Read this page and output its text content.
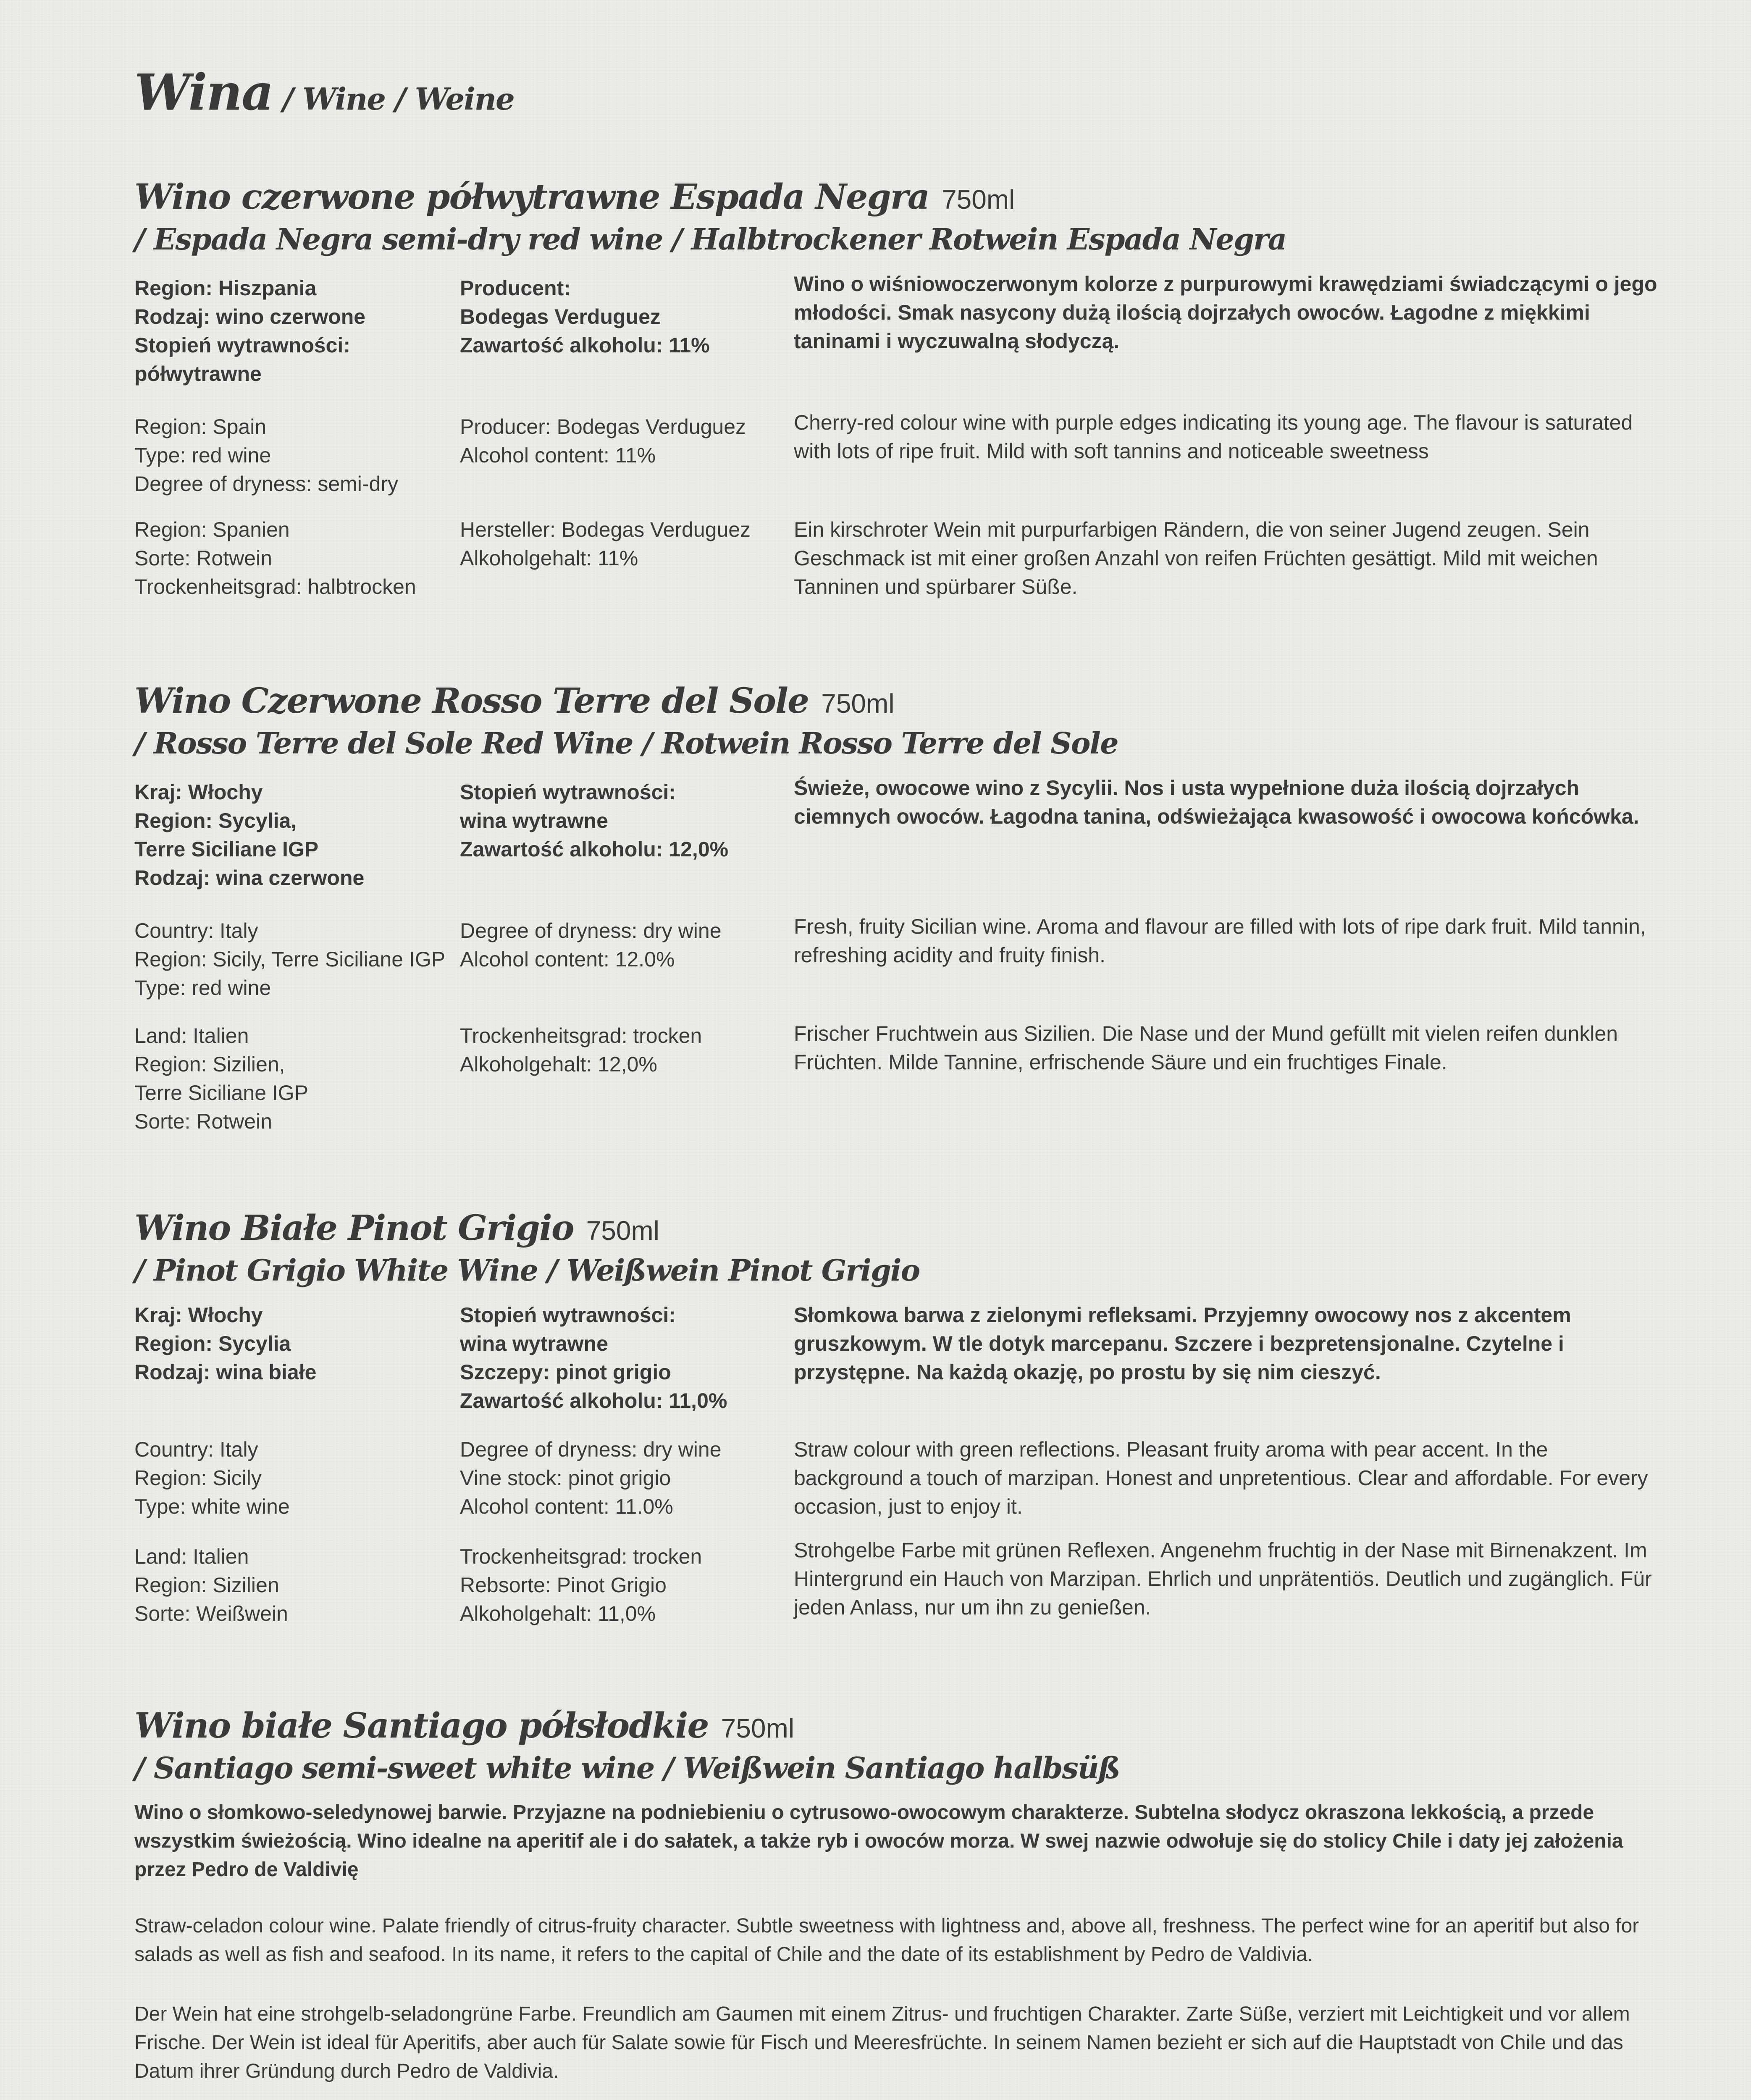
Wina / Wine / Weine
Wino czerwone półwytrawne Espada Negra 750ml
/ Espada Negra semi-dry red wine / Halbtrockener Rotwein Espada Negra
Region: Hiszpania
Rodzaj: wino czerwone
Stopień wytrawności:
półwytrawne
Producent:
Bodegas Verduguez
Zawartość alkoholu: 11%
Wino o wiśniowoczerwonym kolorze z purpurowymi krawędziami świadczącymi o jego młodości. Smak nasycony dużą ilością dojrzałych owoców. Łagodne z miękkimi taninami i wyczuwalną słodyczą.
Region: Spain
Type: red wine
Degree of dryness: semi-dry
Producer: Bodegas Verduguez
Alcohol content: 11%
Cherry-red colour wine with purple edges indicating its young age. The flavour is saturated with lots of ripe fruit. Mild with soft tannins and noticeable sweetness
Region: Spanien
Sorte: Rotwein
Trockenheitsgrad: halbtrocken
Hersteller: Bodegas Verduguez
Alkoholgehalt: 11%
Ein kirschroter Wein mit purpurfarbigen Rändern, die von seiner Jugend zeugen. Sein Geschmack ist mit einer großen Anzahl von reifen Früchten gesättigt. Mild mit weichen Tanninen und spürbarer Süße.
Wino Czerwone Rosso Terre del Sole 750ml
/ Rosso Terre del Sole Red Wine / Rotwein Rosso Terre del Sole
Kraj: Włochy
Region: Sycylia,
Terre Siciliane IGP
Rodzaj: wina czerwone
Stopień wytrawności:
wina wytrawne
Zawartość alkoholu: 12,0%
Świeże, owocowe wino z Sycylii. Nos i usta wypełnione duża ilością dojrzałych ciemnych owoców. Łagodna tanina, odświeżająca kwasowość i owocowa końcówka.
Country: Italy
Region: Sicily, Terre Siciliane IGP
Type: red wine
Degree of dryness: dry wine
Alcohol content: 12.0%
Fresh, fruity Sicilian wine. Aroma and flavour are filled with lots of ripe dark fruit. Mild tannin, refreshing acidity and fruity finish.
Land: Italien
Region: Sizilien,
Terre Siciliane IGP
Sorte: Rotwein
Trockenheitsgrad: trocken
Alkoholgehalt: 12,0%
Frischer Fruchtwein aus Sizilien. Die Nase und der Mund gefüllt mit vielen reifen dunklen Früchten. Milde Tannine, erfrischende Säure und ein fruchtiges Finale.
Wino Białe Pinot Grigio 750ml
/ Pinot Grigio White Wine / Weißwein Pinot Grigio
Kraj: Włochy
Region: Sycylia
Rodzaj: wina białe
Stopień wytrawności:
wina wytrawne
Szczepy: pinot grigio
Zawartość alkoholu: 11,0%
Słomkowa barwa z zielonymi refleksami. Przyjemny owocowy nos z akcentem gruszkowym. W tle dotyk marcepanu. Szczere i bezpretensjonalne. Czytelne i przystępne. Na każdą okazję, po prostu by się nim cieszyć.
Country: Italy
Region: Sicily
Type: white wine
Degree of dryness: dry wine
Vine stock: pinot grigio
Alcohol content: 11.0%
Straw colour with green reflections. Pleasant fruity aroma with pear accent. In the background a touch of marzipan. Honest and unpretentious. Clear and affordable. For every occasion, just to enjoy it.
Land: Italien
Region: Sizilien
Sorte: Weißwein
Trockenheitsgrad: trocken
Rebsorte: Pinot Grigio
Alkoholgehalt: 11,0%
Strohgelbe Farbe mit grünen Reflexen. Angenehm fruchtig in der Nase mit Birnenakzent. Im Hintergrund ein Hauch von Marzipan. Ehrlich und unprätentiös. Deutlich und zugänglich. Für jeden Anlass, nur um ihn zu genießen.
Wino białe Santiago półsłodkie 750ml
/ Santiago semi-sweet white wine / Weißwein Santiago halbsüß
Wino o słomkowo-seledynowej barwie. Przyjazne na podniebieniu o cytrusowo-owocowym charakterze. Subtelna słodycz okraszona lekkością, a przede wszystkim świeżością. Wino idealne na aperitif ale i do sałatek, a także ryb i owoców morza. W swej nazwie odwołuje się do stolicy Chile i daty jej założenia przez Pedro de Valdivię
Straw-celadon colour wine. Palate friendly of citrus-fruity character. Subtle sweetness with lightness and, above all, freshness. The perfect wine for an aperitif but also for salads as well as fish and seafood. In its name, it refers to the capital of Chile and the date of its establishment by Pedro de Valdivia.
Der Wein hat eine strohgelb-seladongrüne Farbe. Freundlich am Gaumen mit einem Zitrus- und fruchtigen Charakter. Zarte Süße, verziert mit Leichtigkeit und vor allem Frische. Der Wein ist ideal für Aperitifs, aber auch für Salate sowie für Fisch und Meeresfrüchte. In seinem Namen bezieht er sich auf die Hauptstadt von Chile und das Datum ihrer Gründung durch Pedro de Valdivia.
